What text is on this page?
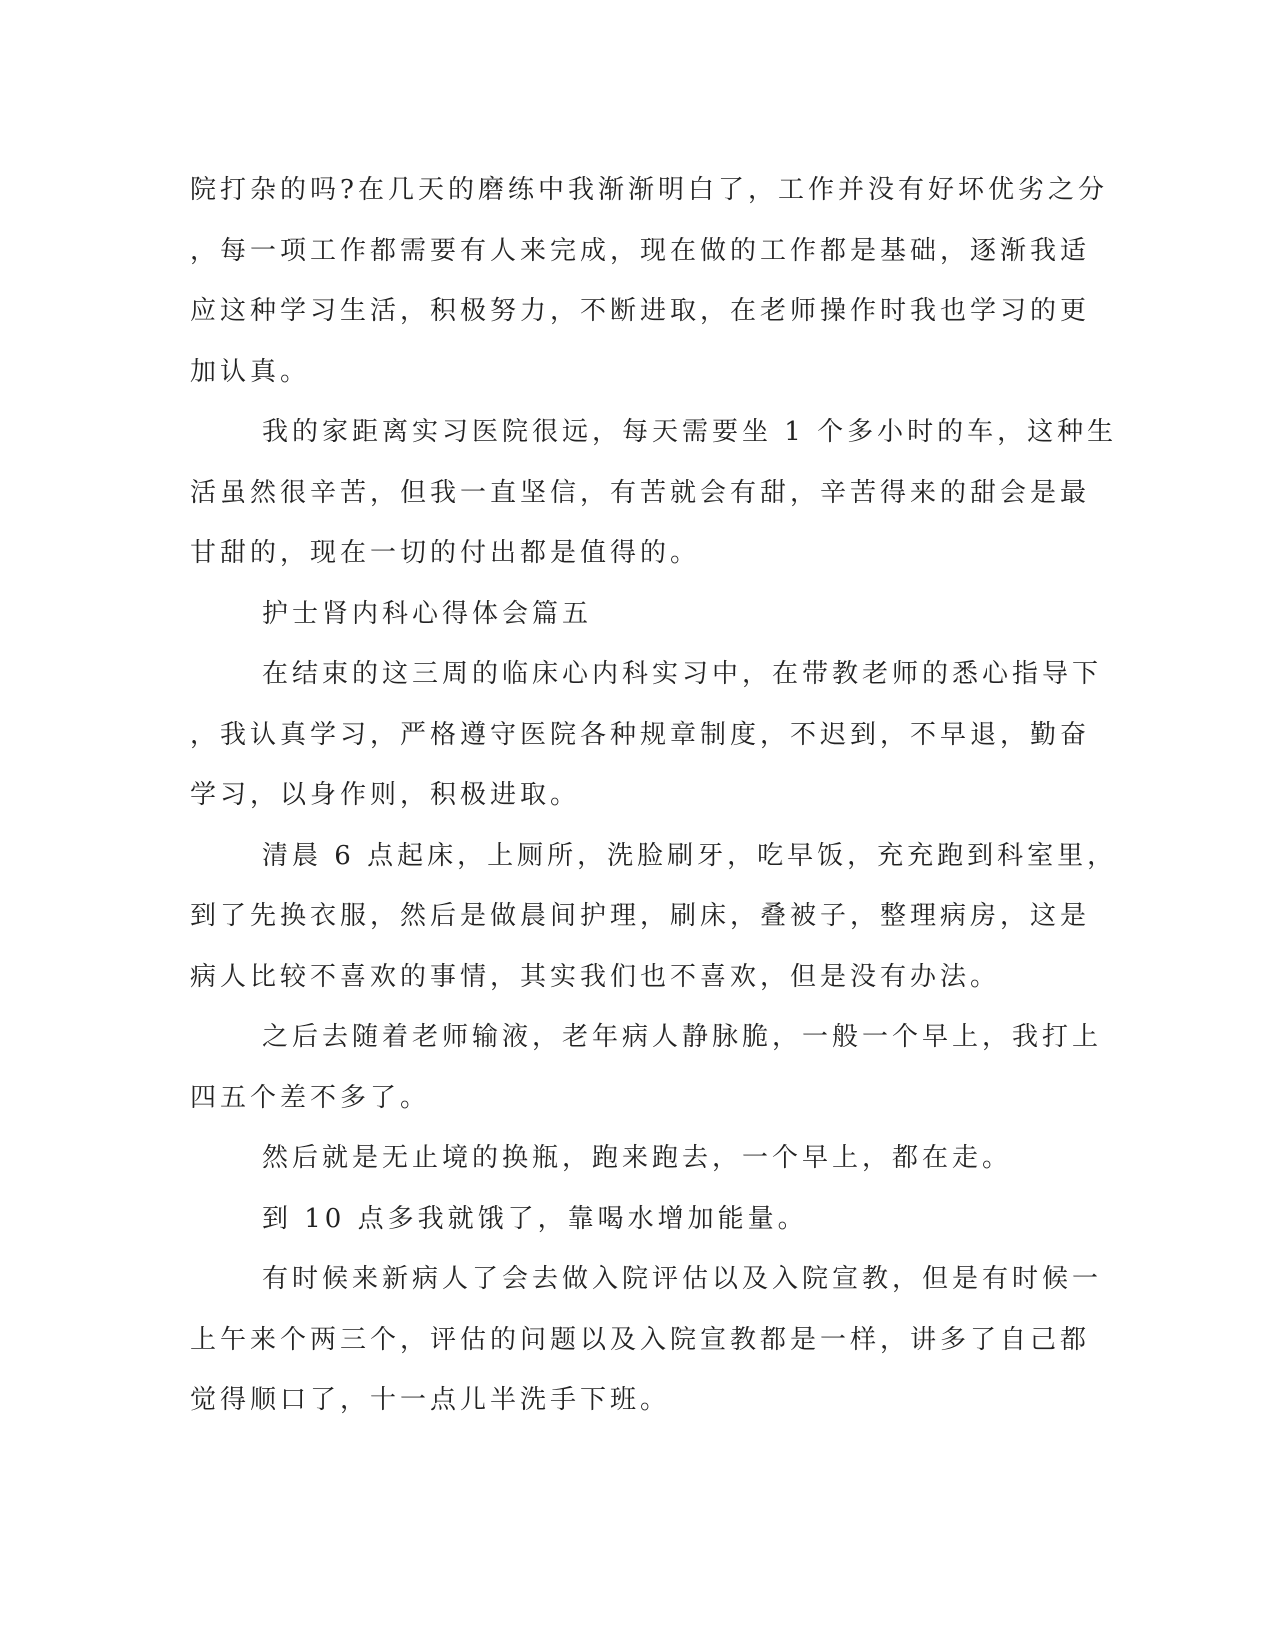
院打杂的吗?在几天的磨练中我渐渐明白了，工作并没有好坏优劣之分
，每一项工作都需要有人来完成，现在做的工作都是基础，逐渐我适
应这种学习生活，积极努力，不断进取，在老师操作时我也学习的更
加认真。
我的家距离实习医院很远，每天需要坐 1 个多小时的车，这种生
活虽然很辛苦，但我一直坚信，有苦就会有甜，辛苦得来的甜会是最
甘甜的，现在一切的付出都是值得的。
护士肾内科心得体会篇五
在结束的这三周的临床心内科实习中，在带教老师的悉心指导下
，我认真学习，严格遵守医院各种规章制度，不迟到，不早退，勤奋
学习，以身作则，积极进取。
清晨 6 点起床，上厕所，洗脸刷牙，吃早饭，充充跑到科室里，
到了先换衣服，然后是做晨间护理，刷床，叠被子，整理病房，这是
病人比较不喜欢的事情，其实我们也不喜欢，但是没有办法。
之后去随着老师输液，老年病人静脉脆，一般一个早上，我打上
四五个差不多了。
然后就是无止境的换瓶，跑来跑去，一个早上，都在走。
到 10 点多我就饿了，靠喝水增加能量。
有时候来新病人了会去做入院评估以及入院宣教，但是有时候一
上午来个两三个，评估的问题以及入院宣教都是一样，讲多了自己都
觉得顺口了，十一点儿半洗手下班。
